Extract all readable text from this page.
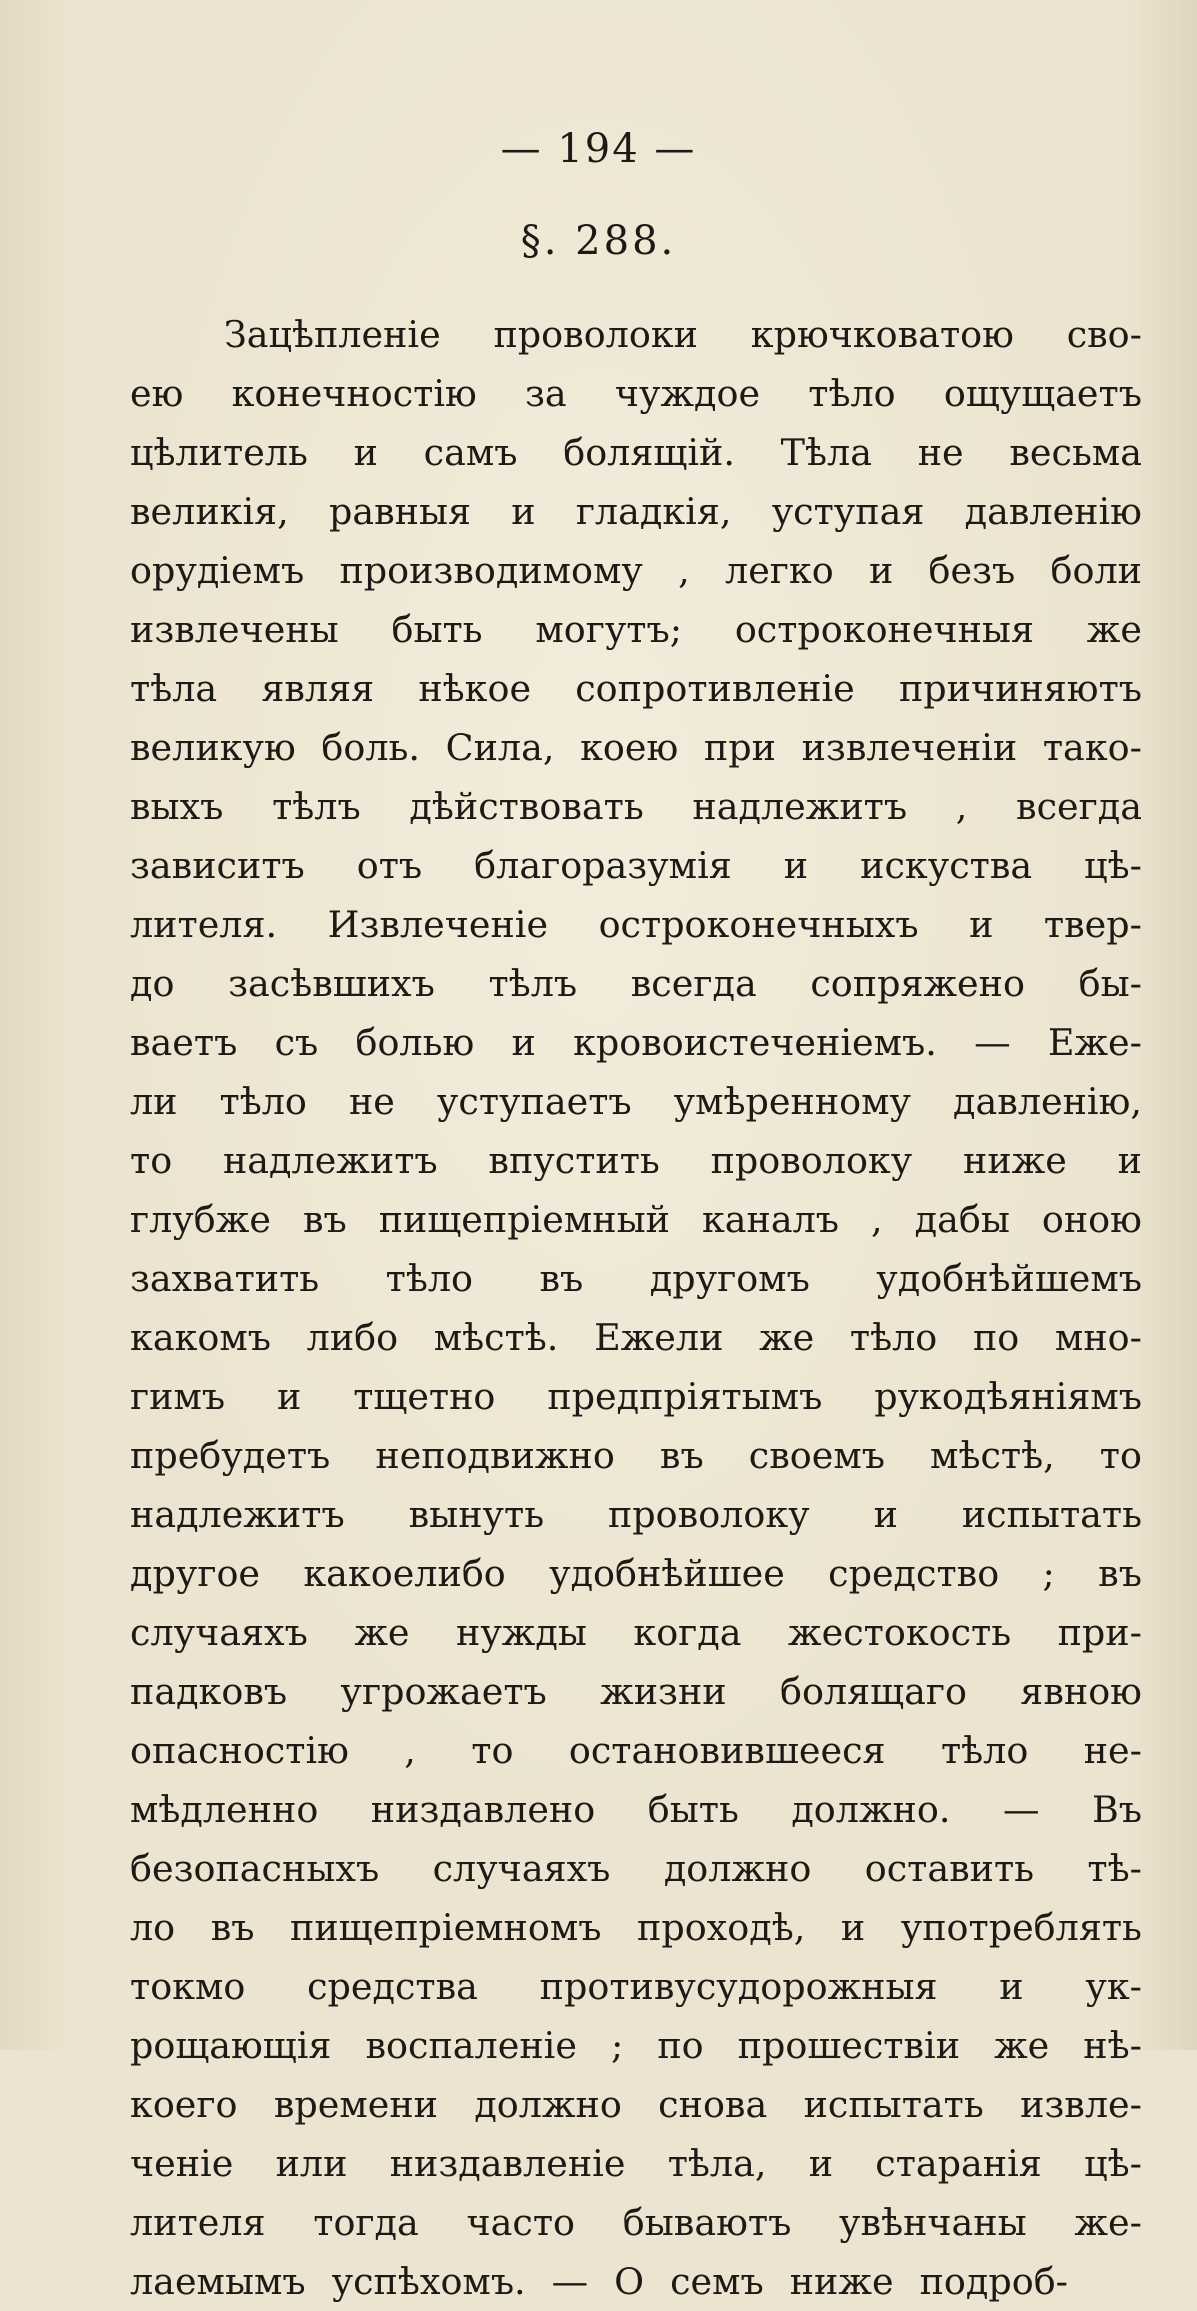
— 194 —
§. 288.
Зацѣпленіе проволоки крючковатою сво-
ею конечностію за чуждое тѣло ощущаетъ
цѣлитель и самъ болящій. Тѣла не весьма
великія, равныя и гладкія, уступая давленію
орудіемъ производимому , легко и безъ боли
извлечены быть могутъ; остроконечныя же
тѣла являя нѣкое сопротивленіе причиняютъ
великую боль. Сила, коею при извлеченіи тако-
выхъ тѣлъ дѣйствовать надлежитъ , всегда
зависитъ отъ благоразумія и искуства цѣ-
лителя. Извлеченіе остроконечныхъ и твер-
до засѣвшихъ тѣлъ всегда сопряжено бы-
ваетъ съ болью и кровоистеченіемъ. — Еже-
ли тѣло не уступаетъ умѣренному давленію,
то надлежитъ впустить проволоку ниже и
глубже въ пищепріемный каналъ , дабы оною
захватить тѣло въ другомъ удобнѣйшемъ
какомъ либо мѣстѣ. Ежели же тѣло по мно-
гимъ и тщетно предпріятымъ рукодѣяніямъ
пребудетъ неподвижно въ своемъ мѣстѣ, то
надлежитъ вынуть проволоку и испытать
другое какоелибо удобнѣйшее средство ; въ
случаяхъ же нужды когда жестокость при-
падковъ угрожаетъ жизни болящаго явною
опасностію , то остановившееся тѣло не-
мѣдленно низдавлено быть должно. — Въ
безопасныхъ случаяхъ должно оставить тѣ-
ло въ пищепріемномъ проходѣ, и употреблять
токмо средства противусудорожныя и ук-
рощающія воспаленіе ; по прошествіи же нѣ-
коего времени должно снова испытать извле-
ченіе или низдавленіе тѣла, и старанія цѣ-
лителя тогда часто бываютъ увѣнчаны же-
лаемымъ успѣхомъ. — О семъ ниже подроб-
